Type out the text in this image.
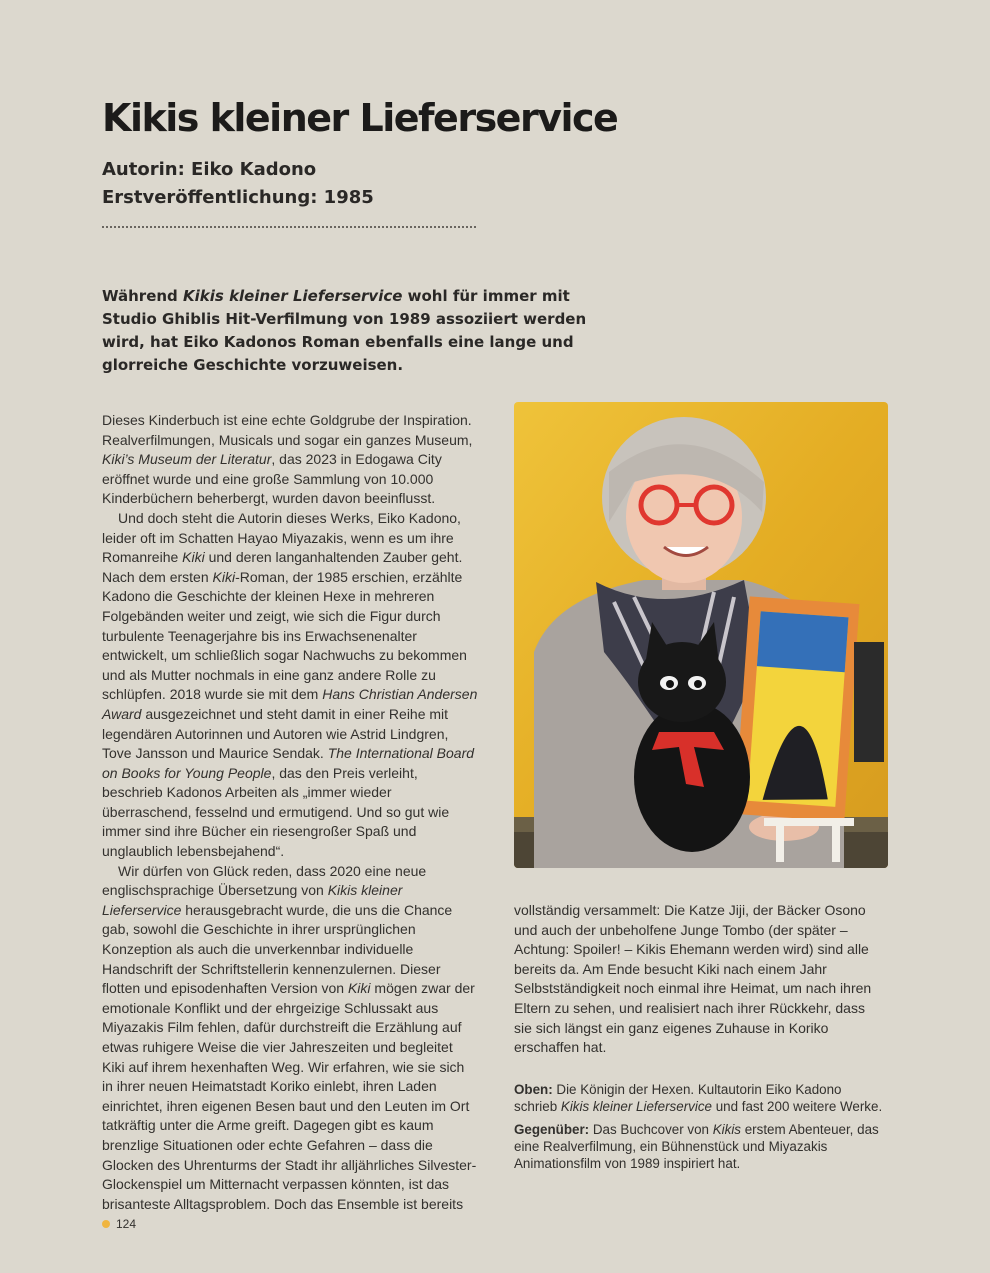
Kikis kleiner Lieferservice
Autorin: Eiko Kadono
Erstveröffentlichung: 1985
Während Kikis kleiner Lieferservice wohl für immer mit Studio Ghiblis Hit-Verfilmung von 1989 assoziiert werden wird, hat Eiko Kadonos Roman ebenfalls eine lange und glorreiche Geschichte vorzuweisen.

Dieses Kinderbuch ist eine echte Goldgrube der Inspiration. Realverfilmungen, Musicals und sogar ein ganzes Museum, Kiki’s Museum der Literatur, das 2023 in Edogawa City eröffnet wurde und eine große Sammlung von 10.000 Kinderbüchern beherbergt, wurden davon beeinflusst.

Und doch steht die Autorin dieses Werks, Eiko Kadono, leider oft im Schatten Hayao Miyazakis, wenn es um ihre Romanreihe Kiki und deren langanhaltenden Zauber geht. Nach dem ersten Kiki-Roman, der 1985 erschien, erzählte Kadono die Geschichte der kleinen Hexe in mehreren Folgebänden weiter und zeigt, wie sich die Figur durch turbulente Teenagerjahre bis ins Erwachsenenalter entwickelt, um schließlich sogar Nachwuchs zu bekommen und als Mutter nochmals in eine ganz andere Rolle zu schlüpfen. 2018 wurde sie mit dem Hans Christian Andersen Award ausgezeichnet und steht damit in einer Reihe mit legendären Autorinnen und Autoren wie Astrid Lindgren, Tove Jansson und Maurice Sendak. The International Board on Books for Young People, das den Preis verleiht, beschrieb Kadonos Arbeiten als „immer wieder überraschend, fesselnd und ermutigend. Und so gut wie immer sind ihre Bücher ein riesengroßer Spaß und unglaublich lebensbejahend“.

Wir dürfen von Glück reden, dass 2020 eine neue englischsprachige Übersetzung von Kikis kleiner Lieferservice herausgebracht wurde, die uns die Chance gab, sowohl die Geschichte in ihrer ursprünglichen Konzeption als auch die unverkennbar individuelle Handschrift der Schriftstellerin kennenzulernen. Dieser flotten und episodenhaften Version von Kiki mögen zwar der emotionale Konflikt und der ehrgeizige Schlussakt aus Miyazakis Film fehlen, dafür durchstreift die Erzählung auf etwas ruhigere Weise die vier Jahreszeiten und begleitet Kiki auf ihrem hexenhaften Weg. Wir erfahren, wie sie sich in ihrer neuen Heimatstadt Koriko einlebt, ihren Laden einrichtet, ihren eigenen Besen baut und den Leuten im Ort tatkräftig unter die Arme greift. Dagegen gibt es kaum brenzlige Situationen oder echte Gefahren – dass die Glocken des Uhrenturms der Stadt ihr alljährliches Silvester-Glockenspiel um Mitternacht verpassen könnten, ist das brisanteste Alltagsproblem. Doch das Ensemble ist bereits

vollständig versammelt: Die Katze Jiji, der Bäcker Osono und auch der unbeholfene Junge Tombo (der später – Achtung: Spoiler! – Kikis Ehemann werden wird) sind alle bereits da. Am Ende besucht Kiki nach einem Jahr Selbstständigkeit noch einmal ihre Heimat, um nach ihren Eltern zu sehen, und realisiert nach ihrer Rückkehr, dass sie sich längst ein ganz eigenes Zuhause in Koriko erschaffen hat.

Oben: Die Königin der Hexen. Kultautorin Eiko Kadono schrieb Kikis kleiner Lieferservice und fast 200 weitere Werke.

Gegenüber: Das Buchcover von Kikis erstem Abenteuer, das eine Realverfilmung, ein Bühnenstück und Miyazakis Animationsfilm von 1989 inspiriert hat.

124
